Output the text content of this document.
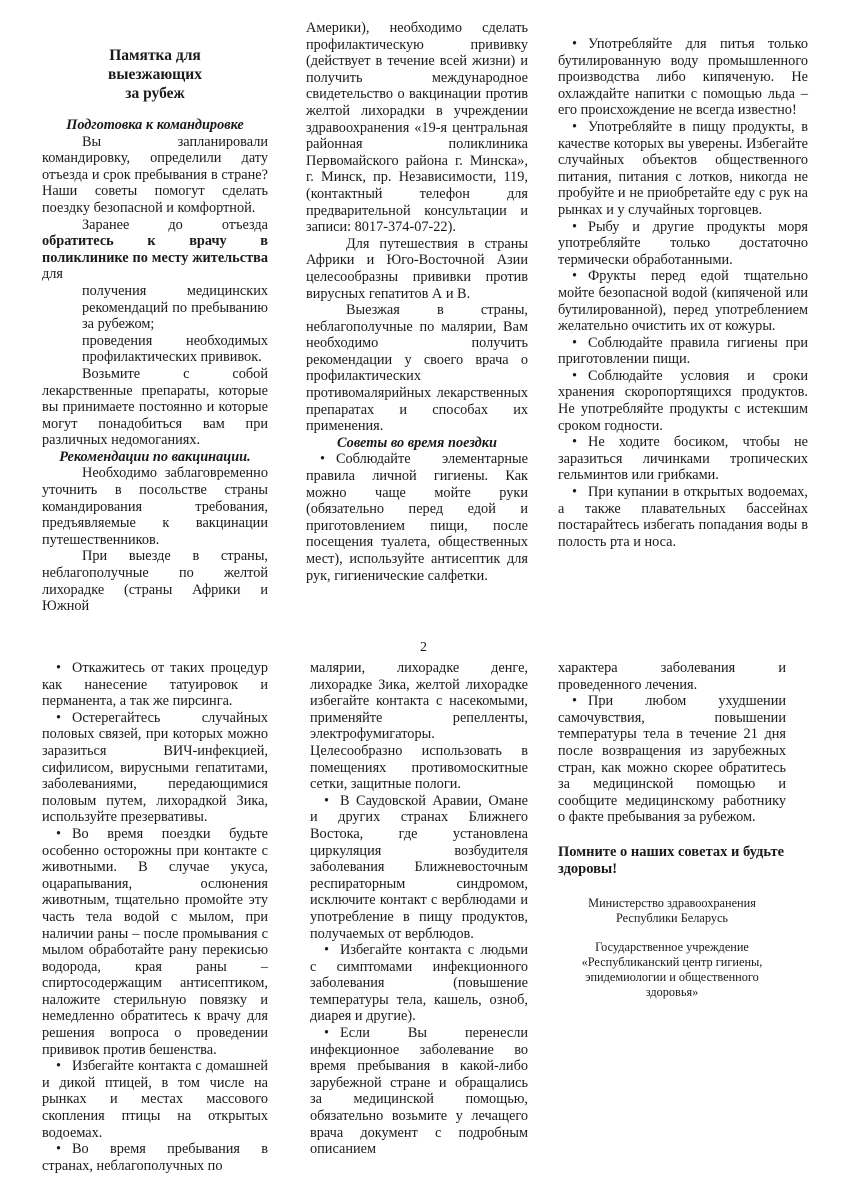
Памятка для
выезжающих
за рубеж

Подготовка к командировке

Вы запланировали командировку, определили дату отъезда и срок пребывания в стране? Наши советы помогут сделать поездку безопасной и комфортной.

Заранее до отъезда обратитесь к врачу в поликлинике по месту жительства для

получения медицинских рекомендаций по пребыванию за рубежом;

проведения необходимых профилактических прививок.

Возьмите с собой лекарственные препараты, которые вы принимаете постоянно и которые могут понадобиться вам при различных недомоганиях.

Рекомендации по вакцинации.

Необходимо заблаговременно уточнить в посольстве страны командирования требования, предъявляемые к вакцинации путешественников.

При выезде в страны, неблагополучные по желтой лихорадке (страны Африки и Южной

Америки), необходимо сделать профилактическую прививку (действует в течение всей жизни) и получить международное свидетельство о вакцинации против желтой лихорадки в учреждении здравоохранения «19-я центральная районная поликлиника Первомайского района г. Минска», г. Минск, пр. Независимости, 119, (контактный телефон для предварительной консультации и записи: 8017-374-07-22).

Для путешествия в страны Африки и Юго-Восточной Азии целесообразны прививки против вирусных гепатитов А и В.

Выезжая в страны, неблагополучные по малярии, Вам необходимо получить рекомендации у своего врача о профилактических противомалярийных лекарственных препаратах и способах их применения.

Советы во время поездки

• Соблюдайте элементарные правила личной гигиены. Как можно чаще мойте руки (обязательно перед едой и приготовлением пищи, после посещения туалета, общественных мест), используйте антисептик для рук, гигиенические салфетки.

• Употребляйте для питья только бутилированную воду промышленного производства либо кипяченую. Не охлаждайте напитки с помощью льда – его происхождение не всегда известно!

• Употребляйте в пищу продукты, в качестве которых вы уверены. Избегайте случайных объектов общественного питания, питания с лотков, никогда не пробуйте и не приобретайте еду с рук на рынках и у случайных торговцев.

• Рыбу и другие продукты моря употребляйте только достаточно термически обработанными.

• Фрукты перед едой тщательно мойте безопасной водой (кипяченой или бутилированной), перед употреблением желательно очистить их от кожуры.

• Соблюдайте правила гигиены при приготовлении пищи.

• Соблюдайте условия и сроки хранения скоропортящихся продуктов. Не употребляйте продукты с истекшим сроком годности.

• Не ходите босиком, чтобы не заразиться личинками тропических гельминтов или грибками.

• При купании в открытых водоемах, а также плавательных бассейнах постарайтесь избегать попадания воды в полость рта и носа.

2

• Откажитесь от таких процедур как нанесение татуировок и перманента, а так же пирсинга.

• Остерегайтесь случайных половых связей, при которых можно заразиться ВИЧ-инфекцией, сифилисом, вирусными гепатитами, заболеваниями, передающимися половым путем, лихорадкой Зика, используйте презервативы.

• Во время поездки будьте особенно осторожны при контакте с животными. В случае укуса, оцарапывания, ослюнения животным, тщательно промойте эту часть тела водой с мылом, при наличии раны – после промывания с мылом обработайте рану перекисью водорода, края раны – спиртосодержащим антисептиком, наложите стерильную повязку и немедленно обратитесь к врачу для решения вопроса о проведении прививок против бешенства.

• Избегайте контакта с домашней и дикой птицей, в том числе на рынках и местах массового скопления птицы на открытых водоемах.

• Во время пребывания в странах, неблагополучных по

малярии, лихорадке денге, лихорадке Зика, желтой лихорадке избегайте контакта с насекомыми, применяйте репелленты, электрофумигаторы.

Целесообразно использовать в помещениях противомоскитные сетки, защитные пологи.

• В Саудовской Аравии, Омане и других странах Ближнего Востока, где установлена циркуляция возбудителя заболевания Ближневосточным респираторным синдромом, исключите контакт с верблюдами и употребление в пищу продуктов, получаемых от верблюдов.

• Избегайте контакта с людьми с симптомами инфекционного заболевания (повышение температуры тела, кашель, озноб, диарея и другие).

• Если Вы перенесли инфекционное заболевание во время пребывания в какой-либо зарубежной стране и обращались за медицинской помощью, обязательно возьмите у лечащего врача документ с подробным описанием

характера заболевания и проведенного лечения.

• При любом ухудшении самочувствия, повышении температуры тела в течение 21 дня после возвращения из зарубежных стран, как можно скорее обратитесь за медицинской помощью и сообщите медицинскому работнику о факте пребывания за рубежом.

Помните о наших советах и будьте здоровы!

Министерство здравоохранения
Республики Беларусь
Государственное учреждение
«Республиканский центр гигиены,
эпидемиологии и общественного здоровья»
